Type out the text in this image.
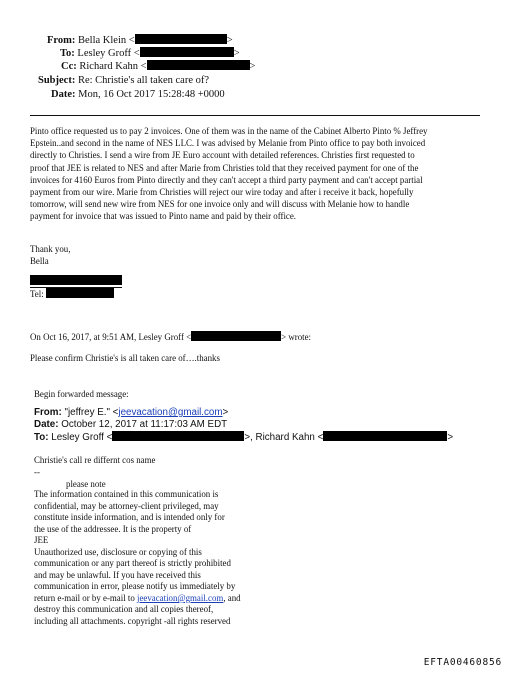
From: Bella Klein <	>
To: Lesley Groff <	>
Cc: Richard Kahn <	>
Subject: Re: Christie's all taken care of?
Date: Mon, 16 Oct 2017 15:28:48 +0000
Pinto office requested us to pay 2 invoices. One of them was in the name of the Cabinet Alberto Pinto % Jeffrey
Epstein..and second in the name of NES LLC. I was advised by Melanie from Pinto office to pay both invoiced
directly to Christies. I send a wire from JE Euro account with detailed references. Christies first requested to
proof that JEE is related to NES and after Marie from Christies told that they received payment for one of the
invoices for 4160 Euros from Pinto directly and they can't accept a third party payment and can't accept partial
payment from our wire. Marie from Christies will reject our wire today and after i receive it back, hopefully
tomorrow, will send new wire from NES for one invoice only and will discuss with Melanie how to handle
payment for invoice that was issued to Pinto name and paid by their office.
Thank you,
Bella
Tel:
On Oct 16, 2017, at 9:51 AM, Lesley Groff <	> wrote:
Please confirm Christie's is all taken care of….thanks
Begin forwarded message:
From: "jeffrey E." <jeevacation@gmail.com>
Date: October 12, 2017 at 11:17:03 AM EDT
To: Lesley Groff <	>, Richard Kahn <	>
Christie's call re differnt cos name
--
please note
The information contained in this communication is
confidential, may be attorney-client privileged, may
constitute inside information, and is intended only for
the use of the addressee. It is the property of
JEE
Unauthorized use, disclosure or copying of this
communication or any part thereof is strictly prohibited
and may be unlawful. If you have received this
communication in error, please notify us immediately by
return e-mail or by e-mail to jeevacation@gmail.com, and
destroy this communication and all copies thereof,
including all attachments. copyright -all rights reserved
EFTA00460856
